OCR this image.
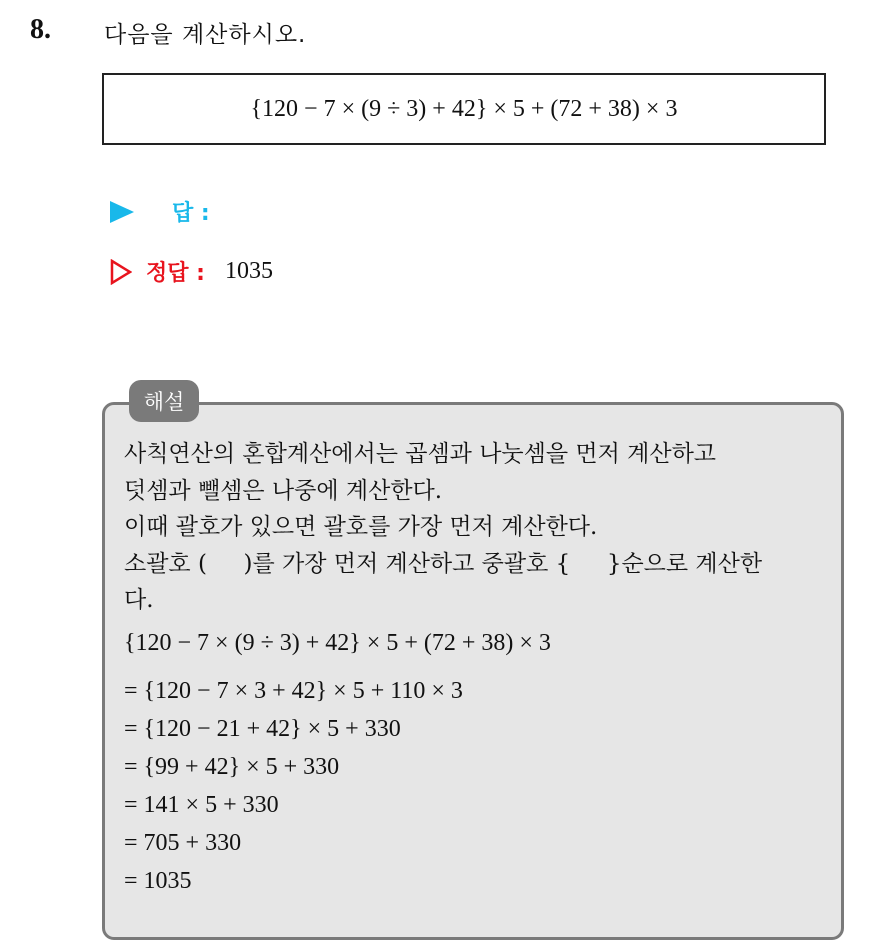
8. 다음을 계산하시오.
{120 − 7 × (9 ÷ 3) + 42} × 5 + (72 + 38) × 3
답 :
정답 : 1035
해설
사칙연산의 혼합계산에서는 곱셈과 나눗셈을 먼저 계산하고
덧셈과 뺄셈은 나중에 계산한다.
이때 괄호가 있으면 괄호를 가장 먼저 계산한다.
소괄호 (     )를 가장 먼저 계산하고 중괄호 {     }순으로 계산한
다.
{120 − 7 × (9 ÷ 3) + 42} × 5 + (72 + 38) × 3
= {120 − 7 × 3 + 42} × 5 + 110 × 3
= {120 − 21 + 42} × 5 + 330
= {99 + 42} × 5 + 330
= 141 × 5 + 330
= 705 + 330
= 1035
